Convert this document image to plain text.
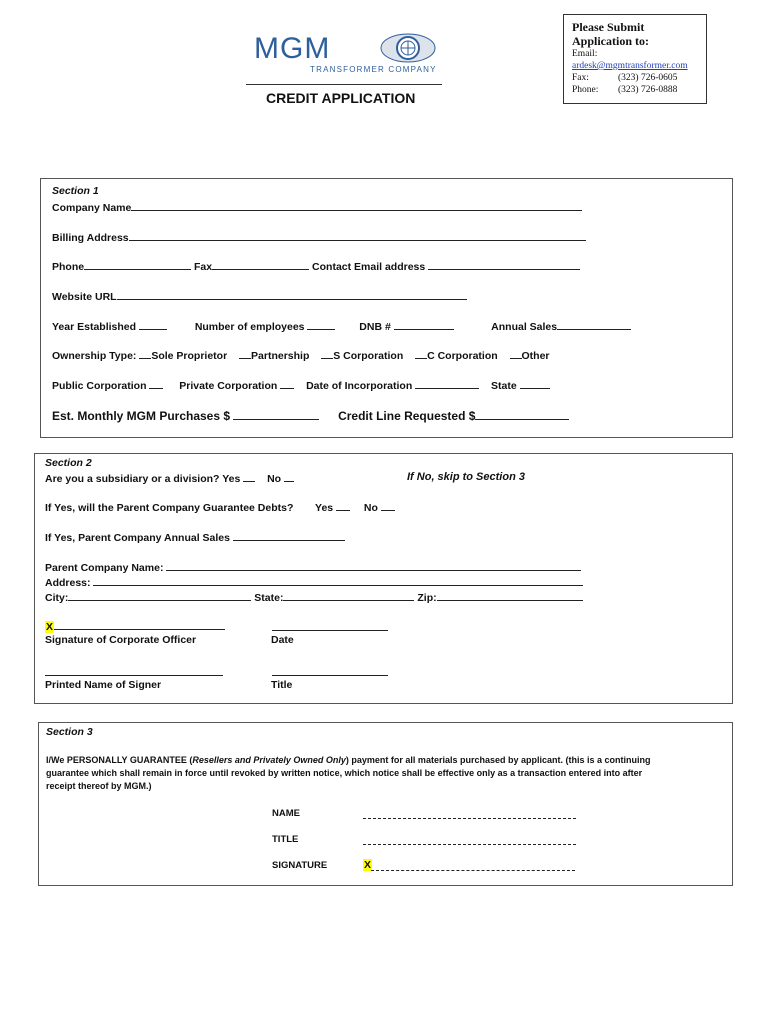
MGM
TRANSFORMER COMPANY
CREDIT APPLICATION
Please Submit
Application to:
Email:
ardesk@mgmtransformer.com
Fax:	(323) 726-0605
Phone: (323) 726-0888
Section 1
Company Name
Billing Address
Phone	Fax	Contact Email address
Website URL
Year Established	Number of employees	DNB #	Annual Sales
Ownership Type: Sole Proprietor Partnership S Corporation C Corporation Other
Public Corporation	Private Corporation	Date of Incorporation	State
Est. Monthly MGM Purchases $	Credit Line Requested $
Section 2
Are you a subsidiary or a division? Yes	No	If No, skip to Section 3
If Yes, will the Parent Company Guarantee Debts? Yes	No
If Yes, Parent Company Annual Sales
Parent Company Name:
Address:
City:	State:	Zip:
X
Signature of Corporate Officer	Date
Printed Name of Signer	Title
Section 3
I/We PERSONALLY GUARANTEE (Resellers and Privately Owned Only) payment for all materials purchased by applicant. (this is a continuing
guarantee which shall remain in force until revoked by written notice, which notice shall be effective only as a transaction entered into after
receipt thereof by MGM.)
NAME
TITLE
SIGNATURE	X
